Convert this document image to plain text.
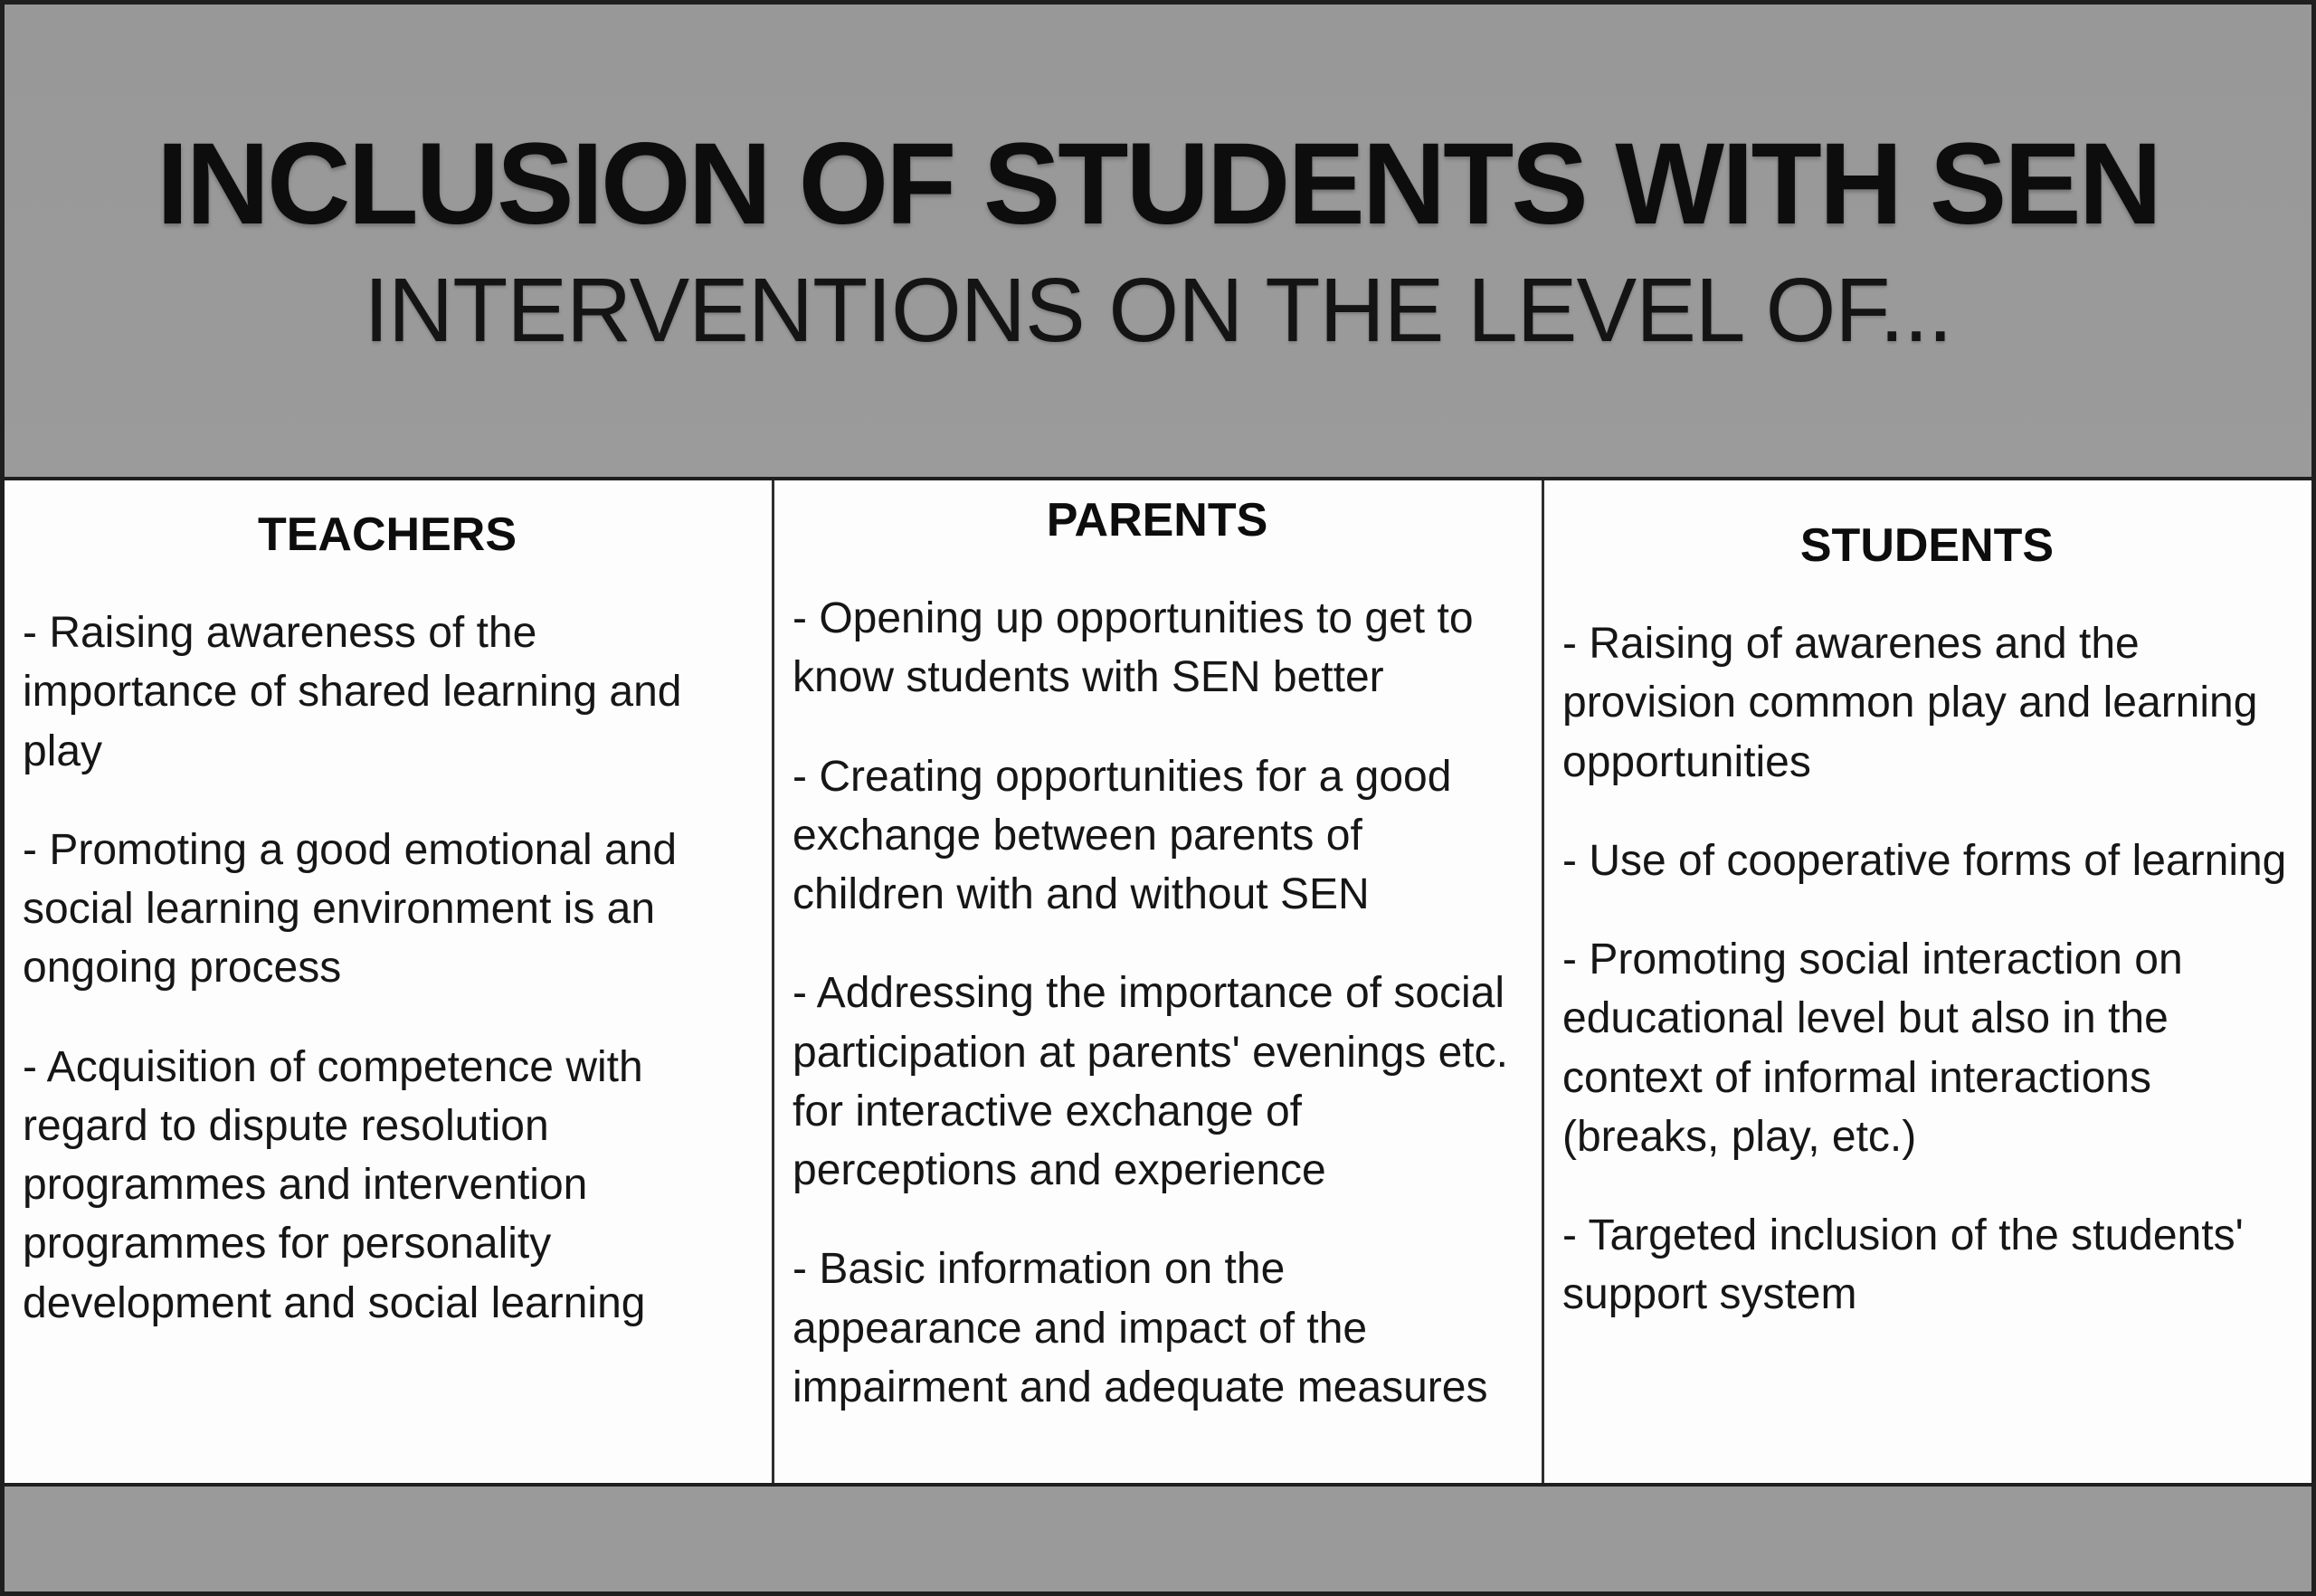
INCLUSION OF STUDENTS WITH SEN
INTERVENTIONS ON THE LEVEL OF...
TEACHERS

- Raising awareness of the importance of shared learning and play

- Promoting a good emotional and social learning environment is an ongoing process

- Acquisition of competence with regard to dispute resolution programmes and intervention programmes for personality development and social learning

PARENTS

- Opening up opportunities to get to know students with SEN better

- Creating opportunities for a good exchange between parents of children with and without SEN

- Addressing the importance of social participation at parents' evenings etc. for interactive exchange of perceptions and experience

- Basic information on the appearance and impact of the impairment and adequate measures

STUDENTS

- Raising of awarenes and the provision common play and learning opportunities

- Use of cooperative forms of learning

- Promoting social interaction on educational level but also in the context of informal interactions (breaks, play, etc.)

- Targeted inclusion of the students' support system
